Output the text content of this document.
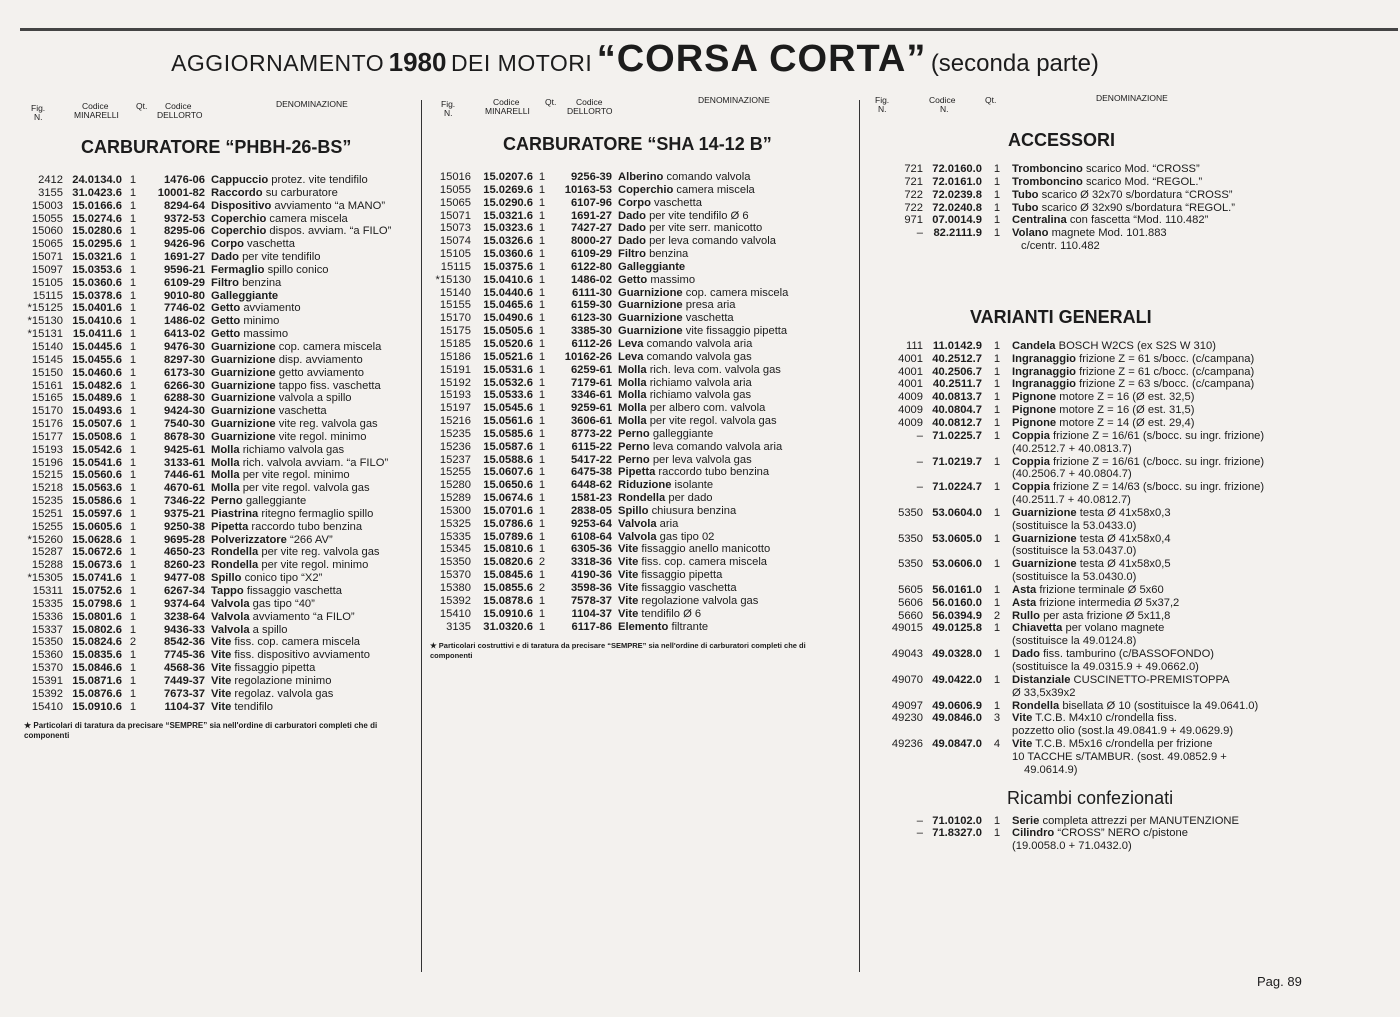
AGGIORNAMENTO 1980 DEI MOTORI “CORSA CORTA” (seconda parte)
Fig.
N.
Codice
MINARELLI
Qt. Codice
DELLORTO
DENOMINAZIONE
CARBURATORE “PHBH-26-BS”
2412 24.0134.0 1	1476-06 Cappuccio protez. vite tendifilo
3155 31.0423.6 1	10001-82 Raccordo su carburatore
15003 15.0166.6 1	8294-64 Dispositivo avviamento “a MANO”
15055 15.0274.6 1	9372-53 Coperchio camera miscela
15060 15.0280.6 1	8295-06 Coperchio dispos. avviam. “a FILO”
15065 15.0295.6 1	9426-96 Corpo vaschetta
15071 15.0321.6 1	1691-27 Dado per vite tendifilo
15097 15.0353.6 1	9596-21 Fermaglio spillo conico
15105 15.0360.6 1	6109-29 Filtro benzina
15115 15.0378.6 1	9010-80 Galleggiante
*15125 15.0401.6 1	7746-02 Getto avviamento
*15130 15.0410.6 1	1486-02 Getto minimo
*15131 15.0411.6 1	6413-02 Getto massimo
15140 15.0445.6 1	9476-30 Guarnizione cop. camera miscela
15145 15.0455.6 1	8297-30 Guarnizione disp. avviamento
15150 15.0460.6 1	6173-30 Guarnizione getto avviamento
15161 15.0482.6 1	6266-30 Guarnizione tappo fiss. vaschetta
15165 15.0489.6 1	6288-30 Guarnizione valvola a spillo
15170 15.0493.6 1	9424-30 Guarnizione vaschetta
15176 15.0507.6 1	7540-30 Guarnizione vite reg. valvola gas
15177 15.0508.6 1	8678-30 Guarnizione vite regol. minimo
15193 15.0542.6 1	9425-61 Molla richiamo valvola gas
15196 15.0541.6 1	3133-61 Molla rich. valvola avviam. “a FILO”
15215 15.0560.6 1	7446-61 Molla per vite regol. minimo
15218 15.0563.6 1	4670-61 Molla per vite regol. valvola gas
15235 15.0586.6 1	7346-22 Perno galleggiante
15251 15.0597.6 1	9375-21 Piastrina ritegno fermaglio spillo
15255 15.0605.6 1	9250-38 Pipetta raccordo tubo benzina
*15260 15.0628.6 1	9695-28 Polverizzatore “266 AV”
15287 15.0672.6 1	4650-23 Rondella per vite reg. valvola gas
15288 15.0673.6 1	8260-23 Rondella per vite regol. minimo
*15305 15.0741.6 1	9477-08 Spillo conico tipo “X2”
15311 15.0752.6 1	6267-34 Tappo fissaggio vaschetta
15335 15.0798.6 1	9374-64 Valvola gas tipo “40”
15336 15.0801.6 1	3238-64 Valvola avviamento “a FILO”
15337 15.0802.6 1	9436-33 Valvola a spillo
15350 15.0824.6 2	8542-36 Vite fiss. cop. camera miscela
15360 15.0835.6 1	7745-36 Vite fiss. dispositivo avviamento
15370 15.0846.6 1	4568-36 Vite fissaggio pipetta
15391 15.0871.6 1	7449-37 Vite regolazione minimo
15392 15.0876.6 1	7673-37 Vite regolaz. valvola gas
15410 15.0910.6 1	1104-37 Vite tendifilo
★ Particolari di taratura da precisare “SEMPRE” sia nell'ordine di carburatori completi che di componenti
Fig.
N.
Codice
MINARELLI
Qt. Codice
DELLORTO
DENOMINAZIONE
CARBURATORE “SHA 14-12 B”
15016	15.0207.6 1	9256-39 Alberino comando valvola
15055	15.0269.6 1	10163-53 Coperchio camera miscela
15065	15.0290.6 1	6107-96 Corpo vaschetta
15071	15.0321.6 1	1691-27 Dado per vite tendifilo Ø 6
15073	15.0323.6 1	7427-27 Dado per vite serr. manicotto
15074	15.0326.6 1	8000-27 Dado per leva comando valvola
15105	15.0360.6 1	6109-29 Filtro benzina
15115	15.0375.6 1	6122-80 Galleggiante
*15130	15.0410.6 1	1486-02 Getto massimo
15140	15.0440.6 1	6111-30 Guarnizione cop. camera miscela
15155	15.0465.6 1	6159-30 Guarnizione presa aria
15170	15.0490.6 1	6123-30 Guarnizione vaschetta
15175	15.0505.6 1	3385-30 Guarnizione vite fissaggio pipetta
15185	15.0520.6 1	6112-26 Leva comando valvola aria
15186	15.0521.6 1	10162-26 Leva comando valvola gas
15191	15.0531.6 1	6259-61 Molla rich. leva com. valvola gas
15192	15.0532.6 1	7179-61 Molla richiamo valvola aria
15193	15.0533.6 1	3346-61 Molla richiamo valvola gas
15197	15.0545.6 1	9259-61 Molla per albero com. valvola
15216	15.0561.6 1	3606-61 Molla per vite regol. valvola gas
15235	15.0585.6 1	8773-22 Perno galleggiante
15236	15.0587.6 1	6115-22 Perno leva comando valvola aria
15237	15.0588.6 1	5417-22 Perno per leva valvola gas
15255	15.0607.6 1	6475-38 Pipetta raccordo tubo benzina
15280	15.0650.6 1	6448-62 Riduzione isolante
15289	15.0674.6 1	1581-23 Rondella per dado
15300	15.0701.6 1	2838-05 Spillo chiusura benzina
15325	15.0786.6 1	9253-64 Valvola aria
15335	15.0789.6 1	6108-64 Valvola gas tipo 02
15345	15.0810.6 1	6305-36 Vite fissaggio anello manicotto
15350	15.0820.6 2	3318-36 Vite fiss. cop. camera miscela
15370	15.0845.6 1	4190-36 Vite fissaggio pipetta
15380	15.0855.6 2	3598-36 Vite fissaggio vaschetta
15392	15.0878.6 1	7578-37 Vite regolazione valvola gas
15410	15.0910.6 1	1104-37 Vite tendifilo Ø 6
3135	31.0320.6 1	6117-86 Elemento filtrante
★ Particolari costruttivi e di taratura da precisare “SEMPRE” sia nell'ordine di carburatori completi che di componenti
Fig.
N.
Codice
N.
Qt.	DENOMINAZIONE
ACCESSORI
721 72.0160.0	1	Tromboncino scarico Mod. “CROSS”
721 72.0161.0	1	Tromboncino scarico Mod. “REGOL.”
722 72.0239.8	1	Tubo scarico Ø 32x70 s/bordatura “CROSS”
722 72.0240.8	1	Tubo scarico Ø 32x90 s/bordatura “REGOL.”
971 07.0014.9	1	Centralina con fascetta “Mod. 110.482”
– 82.2111.9	1	Volano magnete Mod. 101.883
c/centr. 110.482
VARIANTI GENERALI
111 11.0142.9	1	Candela BOSCH W2CS (ex S2S W 310)
4001 40.2512.7	1	Ingranaggio frizione Z = 61 s/bocc. (c/campana)
4001 40.2506.7	1	Ingranaggio frizione Z = 61 c/bocc. (c/campana)
4001 40.2511.7	1	Ingranaggio frizione Z = 63 s/bocc. (c/campana)
4009 40.0813.7	1	Pignone motore Z = 16 (Ø est. 32,5)
4009 40.0804.7	1	Pignone motore Z = 16 (Ø est. 31,5)
4009 40.0812.7	1	Pignone motore Z = 14 (Ø est. 29,4)
– 71.0225.7	1	Coppia frizione Z = 16/61 (s/bocc. su ingr. frizione)
(40.2512.7 + 40.0813.7)
– 71.0219.7	1	Coppia frizione Z = 16/61 (c/bocc. su ingr. frizione)
(40.2506.7 + 40.0804.7)
– 71.0224.7	1	Coppia frizione Z = 14/63 (s/bocc. su ingr. frizione)
(40.2511.7 + 40.0812.7)
5350 53.0604.0	1	Guarnizione testa Ø 41x58x0,3
(sostituisce la 53.0433.0)
5350 53.0605.0	1	Guarnizione testa Ø 41x58x0,4
(sostituisce la 53.0437.0)
5350 53.0606.0	1	Guarnizione testa Ø 41x58x0,5
(sostituisce la 53.0430.0)
5605 56.0161.0	1	Asta frizione terminale Ø 5x60
5606 56.0160.0	1	Asta frizione intermedia Ø 5x37,2
5660 56.0394.9	2	Rullo per asta frizione Ø 5x11,8
49015 49.0125.8	1	Chiavetta per volano magnete
(sostituisce la 49.0124.8)
49043 49.0328.0	1	Dado fiss. tamburino (c/BASSOFONDO)
(sostituisce la 49.0315.9 + 49.0662.0)
49070 49.0422.0	1	Distanziale CUSCINETTO-PREMISTOPPA
Ø 33,5x39x2
49097 49.0606.9	1	Rondella bisellata Ø 10 (sostituisce la 49.0641.0)
49230 49.0846.0	3	Vite T.C.B. M4x10 c/rondella fiss.
pozzetto olio (sost.la 49.0841.9 + 49.0629.9)
49236 49.0847.0	4	Vite T.C.B. M5x16 c/rondella per frizione
10 TACCHE s/TAMBUR. (sost. 49.0852.9 +
49.0614.9)
Ricambi confezionati
– 71.0102.0	1	Serie completa attrezzi per MANUTENZIONE
– 71.8327.0	1	Cilindro “CROSS” NERO c/pistone
(19.0058.0 + 71.0432.0)
Pag. 89
